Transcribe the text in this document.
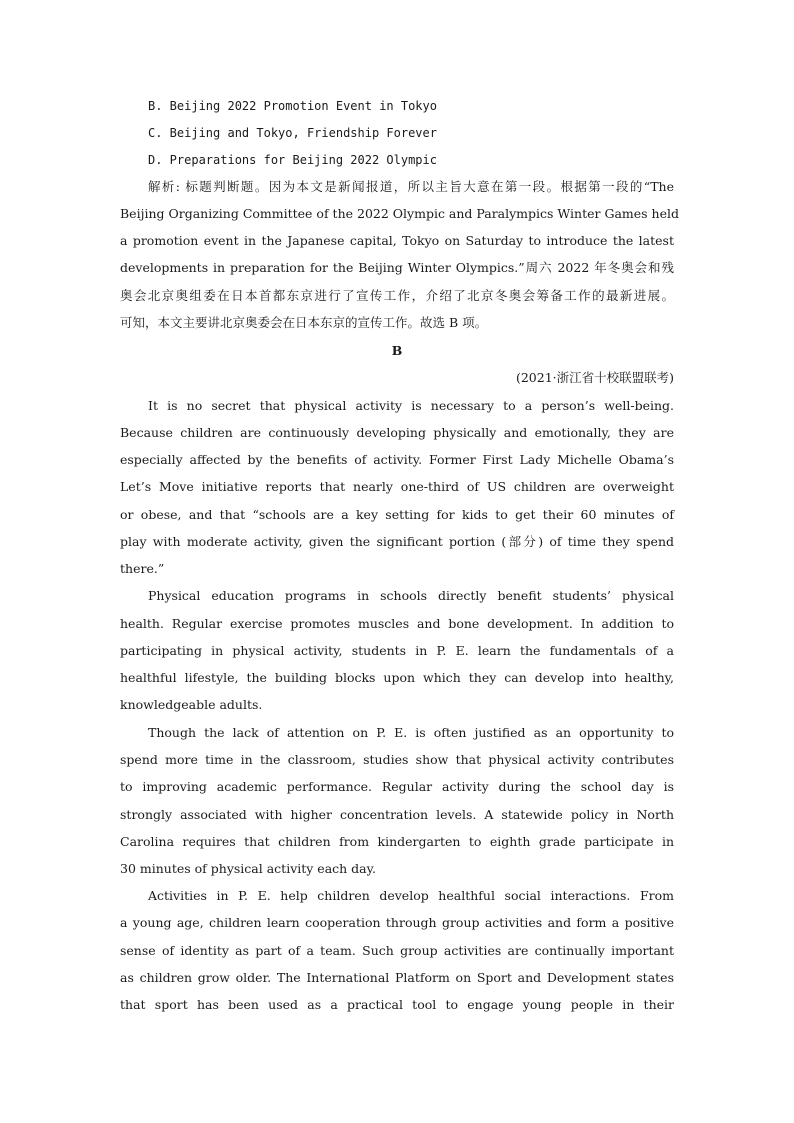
B. Beijing 2022 Promotion Event in Tokyo
C. Beijing and Tokyo, Friendship Forever
D. Preparations for Beijing 2022 Olympic
解析: 标题判断题。因为本文是新闻报道，所以主旨大意在第一段。根据第一段的“The
Beijing Organizing Committee of the 2022 Olympic and Paralympics Winter Games held
a promotion event in the Japanese capital, Tokyo on Saturday to introduce the latest
developments in preparation for the Beijing Winter Olympics.”周六 2022 年冬奥会和残
奥会北京奥组委在日本首都东京进行了宣传工作，介绍了北京冬奥会筹备工作的最新进展。
可知，本文主要讲北京奥委会在日本东京的宣传工作。故选 B 项。
B
(2021·浙江省十校联盟联考)
It is no secret that physical activity is necessary to a person’s well-being.
Because children are continuously developing physically and emotionally, they are
especially affected by the benefits of activity. Former First Lady Michelle Obama’s
Let’s Move initiative reports that nearly one-third of US children are overweight
or obese, and that “schools are a key setting for kids to get their 60 minutes of
play with moderate activity, given the significant portion (部分) of time they spend
there.”
Physical education programs in schools directly benefit students’ physical
health. Regular exercise promotes muscles and bone development. In addition to
participating in physical activity, students in P. E. learn the fundamentals of a
healthful lifestyle, the building blocks upon which they can develop into healthy,
knowledgeable adults.
Though the lack of attention on P. E. is often justified as an opportunity to
spend more time in the classroom, studies show that physical activity contributes
to improving academic performance. Regular activity during the school day is
strongly associated with higher concentration levels. A statewide policy in North
Carolina requires that children from kindergarten to eighth grade participate in
30 minutes of physical activity each day.
Activities in P. E. help children develop healthful social interactions. From
a young age, children learn cooperation through group activities and form a positive
sense of identity as part of a team. Such group activities are continually important
as children grow older. The International Platform on Sport and Development states
that sport has been used as a practical tool to engage young people in their
